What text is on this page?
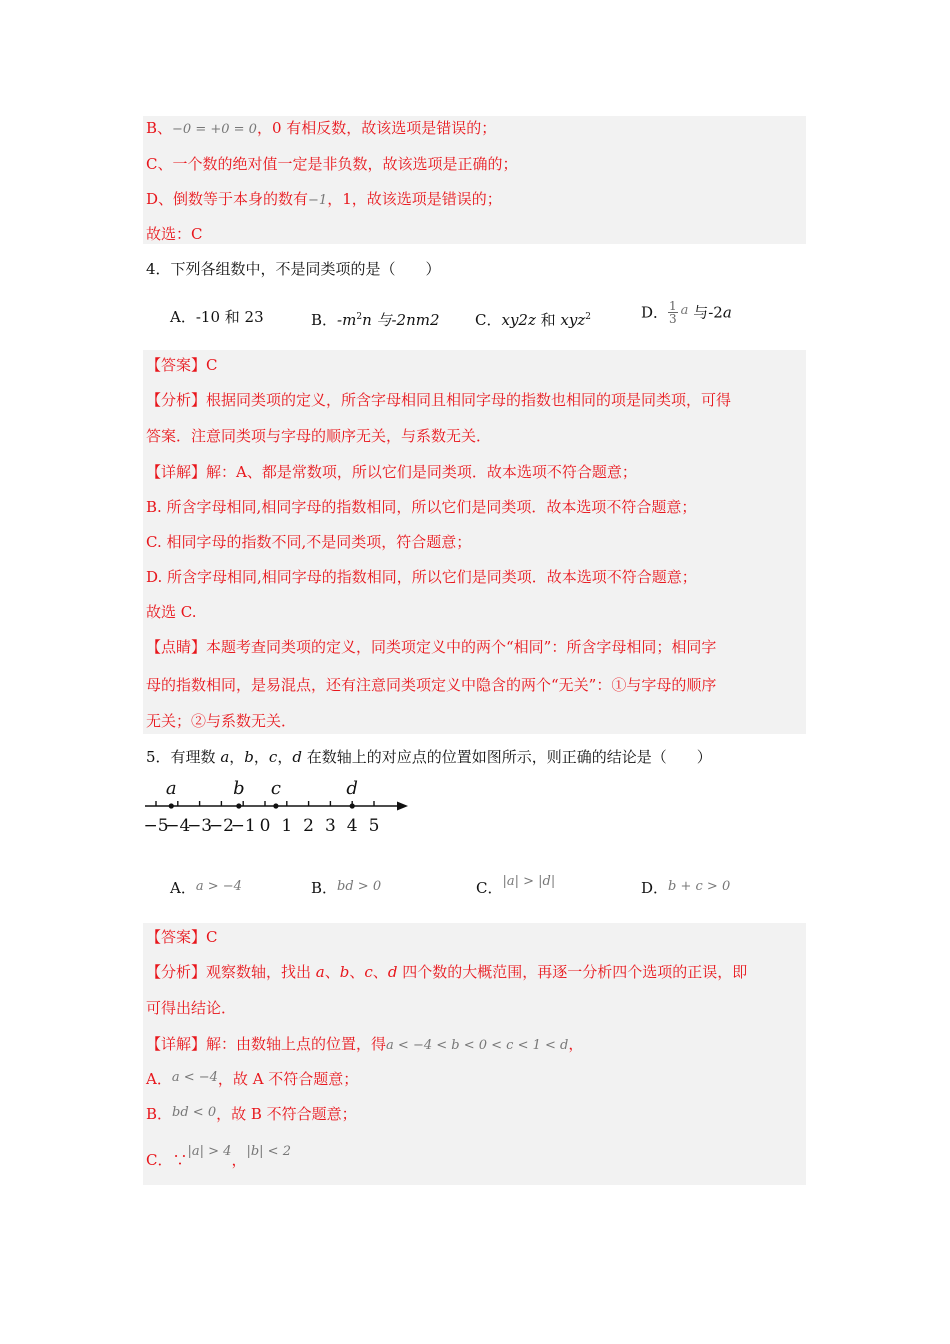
B、−0 = +0 = 0，0 有相反数，故该选项是错误的；
C、一个数的绝对值一定是非负数，故该选项是正确的；
D、倒数等于本身的数有−1，1，故该选项是错误的；
故选：C
4．下列各组数中，不是同类项的是（　　）
A．-10 和 23	B．$-m^2n$ 与-2nm2 C．xy2z 和 xyz$^2$	D． $\frac{1}{3}$ a 与-2a
【答案】C
【分析】根据同类项的定义，所含字母相同且相同字母的指数也相同的项是同类项，可得
答案．注意同类项与字母的顺序无关，与系数无关．
【详解】解：A、都是常数项，所以它们是同类项．故本选项不符合题意；
B. 所含字母相同,相同字母的指数相同，所以它们是同类项．故本选项不符合题意；
C. 相同字母的指数不同,不是同类项，符合题意；
D. 所含字母相同,相同字母的指数相同，所以它们是同类项．故本选项不符合题意；
故选 C.
【点睛】本题考查同类项的定义，同类项定义中的两个“相同”：所含字母相同；相同字
母的指数相同，是易混点，还有注意同类项定义中隐含的两个“无关”：①与字母的顺序
无关；②与系数无关．
5．有理数 a，b，c，d 在数轴上的对应点的位置如图所示，则正确的结论是（　　）
−5
−4
−3
−2
−1 0 1 2 3 4 5
a	b c	d
A．a > −4	B．bd > 0	C．|a| > |d|	D．b + c > 0
【答案】C
【分析】观察数轴，找出 a、b、c、d 四个数的大概范围，再逐一分析四个选项的正误，即
可得出结论．
【详解】解：由数轴上点的位置，得a < −4 < b < 0 < c < 1 < d，
A．a < −4，故 A 不符合题意；
B．bd < 0，故 B 不符合题意；
C．∵|a| > 4，|b| < 2
